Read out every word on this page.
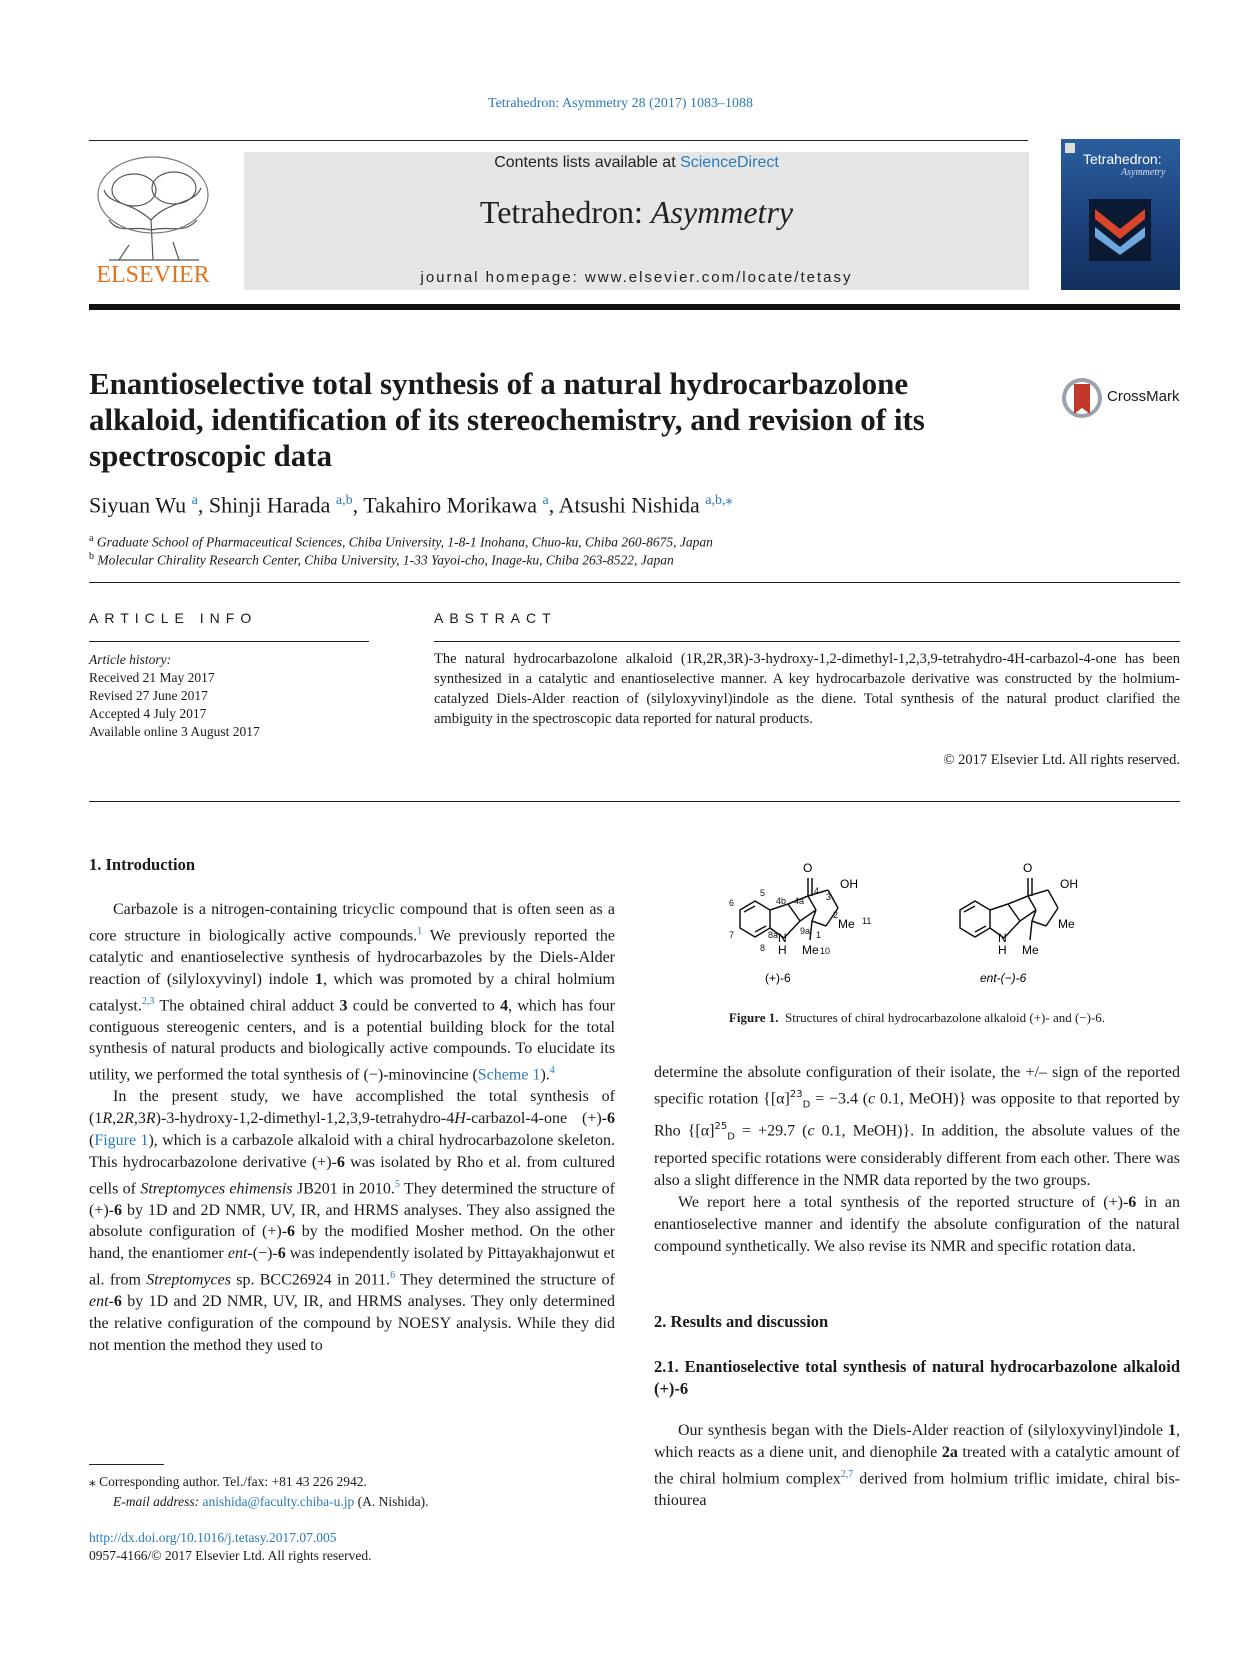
Tetrahedron: Asymmetry 28 (2017) 1083–1088
ELSEVIER
Contents lists available at ScienceDirect
Tetrahedron: Asymmetry
journal homepage: www.elsevier.com/locate/tetasy
Tetrahedron:
Asymmetry
Enantioselective total synthesis of a natural hydrocarbazolone alkaloid, identification of its stereochemistry, and revision of its spectroscopic data
CrossMark
Siyuan Wu $^a$, Shinji Harada $^{a,b}$, Takahiro Morikawa $^a$, Atsushi Nishida $^{a,b,⁎}$
$^a$ Graduate School of Pharmaceutical Sciences, Chiba University, 1-8-1 Inohana, Chuo-ku, Chiba 260-8675, Japan
$^b$ Molecular Chirality Research Center, Chiba University, 1-33 Yayoi-cho, Inage-ku, Chiba 263-8522, Japan
ARTICLE INFO
Article history:
Received 21 May 2017
Revised 27 June 2017
Accepted 4 July 2017
Available online 3 August 2017
ABSTRACT
The natural hydrocarbazolone alkaloid (1R,2R,3R)-3-hydroxy-1,2-dimethyl-1,2,3,9-tetrahydro-4H-carbazol-4-one has been synthesized in a catalytic and enantioselective manner. A key hydrocarbazole derivative was constructed by the holmium-catalyzed Diels-Alder reaction of (silyloxyvinyl)indole as the diene. Total synthesis of the natural product clarified the ambiguity in the spectroscopic data reported for natural products.
© 2017 Elsevier Ltd. All rights reserved.
1. Introduction

Carbazole is a nitrogen-containing tricyclic compound that is often seen as a core structure in biologically active compounds.$^1$ We previously reported the catalytic and enantioselective synthesis of hydrocarbazoles by the Diels-Alder reaction of (silyloxyvinyl) indole 1, which was promoted by a chiral holmium catalyst.$^{2,3}$ The obtained chiral adduct 3 could be converted to 4, which has four contiguous stereogenic centers, and is a potential building block for the total synthesis of natural products and biologically active compounds. To elucidate its utility, we performed the total synthesis of (−)-minovincine (Scheme 1).$^4$

In the present study, we have accomplished the total synthesis of (1R,2R,3R)-3-hydroxy-1,2-dimethyl-1,2,3,9-tetrahydro-4H-carbazol-4-one (+)-6 (Figure 1), which is a carbazole alkaloid with a chiral hydrocarbazolone skeleton. This hydrocarbazolone derivative (+)-6 was isolated by Rho et al. from cultured cells of Streptomyces ehimensis JB201 in 2010.$^5$ They determined the structure of (+)-6 by 1D and 2D NMR, UV, IR, and HRMS analyses. They also assigned the absolute configuration of (+)-6 by the modified Mosher method. On the other hand, the enantiomer ent-(−)-6 was independently isolated by Pittayakhajonwut et al. from Streptomyces sp. BCC26924 in 2011.$^6$ They determined the structure of ent-6 by 1D and 2D NMR, UV, IR, and HRMS analyses. They only determined the relative configuration of the compound by NOESY analysis. While they did not mention the method they used to

⁎ Corresponding author. Tel./fax: +81 43 226 2942.
E-mail address: anishida@faculty.chiba-u.jp (A. Nishida).
http://dx.doi.org/10.1016/j.tetasy.2017.07.005
0957-4166/© 2017 Elsevier Ltd. All rights reserved.
O
OH
Me
Me
N
H
5
6
7
8
4b 4a
4
3
2
1
8a 9a
10
11
(+)-6
O
OH
Me
Me
N
H
ent-(−)-6
Figure 1. Structures of chiral hydrocarbazolone alkaloid (+)- and (−)-6.

determine the absolute configuration of their isolate, the +/– sign of the reported specific rotation {$[\alpha]^{23}_D = -3.4$ (c 0.1, MeOH)} was opposite to that reported by Rho {$[\alpha]^{25}_D = +29.7$ (c 0.1, MeOH)}. In addition, the absolute values of the reported specific rotations were considerably different from each other. There was also a slight difference in the NMR data reported by the two groups.

We report here a total synthesis of the reported structure of (+)-6 in an enantioselective manner and identify the absolute configuration of the natural compound synthetically. We also revise its NMR and specific rotation data.

2. Results and discussion
2.1. Enantioselective total synthesis of natural hydrocarbazolone alkaloid (+)-6

Our synthesis began with the Diels-Alder reaction of (silyloxyvinyl)indole 1, which reacts as a diene unit, and dienophile 2a treated with a catalytic amount of the chiral holmium complex$^{2,7}$ derived from holmium triflic imidate, chiral bis-thiourea
